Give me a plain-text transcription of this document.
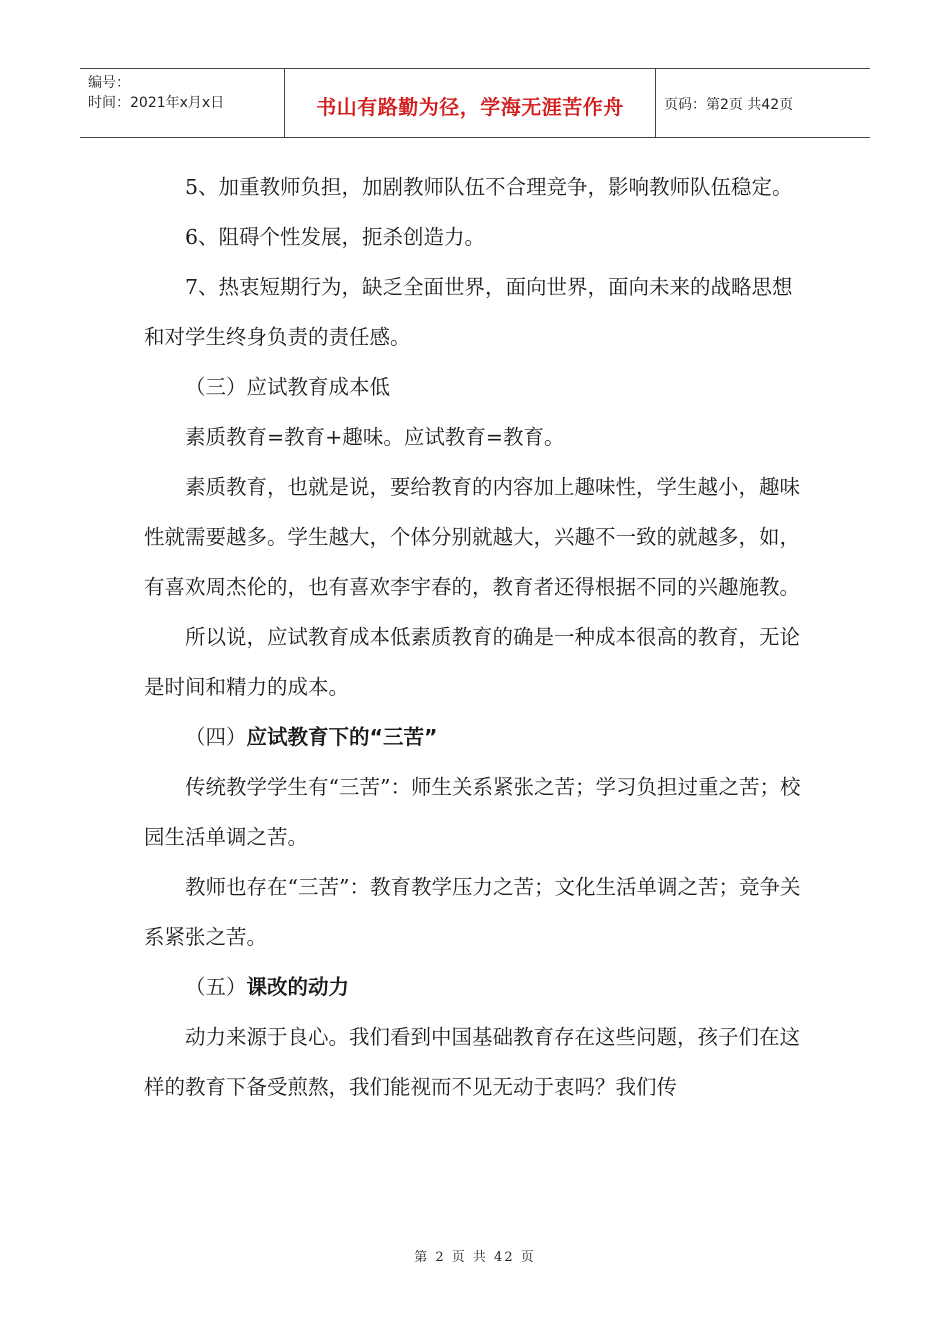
编号：
时间：2021年x月x日	书山有路勤为径，学海无涯苦作舟	页码：第2页 共42页

5、加重教师负担，加剧教师队伍不合理竞争，影响教师队伍稳定。

6、阻碍个性发展，扼杀创造力。

7、热衷短期行为，缺乏全面世界，面向世界，面向未来的战略思想和对学生终身负责的责任感。

（三）应试教育成本低

素质教育=教育+趣味。应试教育=教育。

素质教育，也就是说，要给教育的内容加上趣味性，学生越小，趣味性就需要越多。学生越大，个体分别就越大，兴趣不一致的就越多，如，有喜欢周杰伦的，也有喜欢李宇春的，教育者还得根据不同的兴趣施教。

所以说，应试教育成本低素质教育的确是一种成本很高的教育，无论是时间和精力的成本。

（四）应试教育下的“三苦”

传统教学学生有“三苦”：师生关系紧张之苦；学习负担过重之苦；校园生活单调之苦。

教师也存在“三苦”：教育教学压力之苦；文化生活单调之苦；竞争关系紧张之苦。

（五）课改的动力

动力来源于良心。我们看到中国基础教育存在这些问题，孩子们在这样的教育下备受煎熬，我们能视而不见无动于衷吗？我们传

第 2 页 共 42 页
